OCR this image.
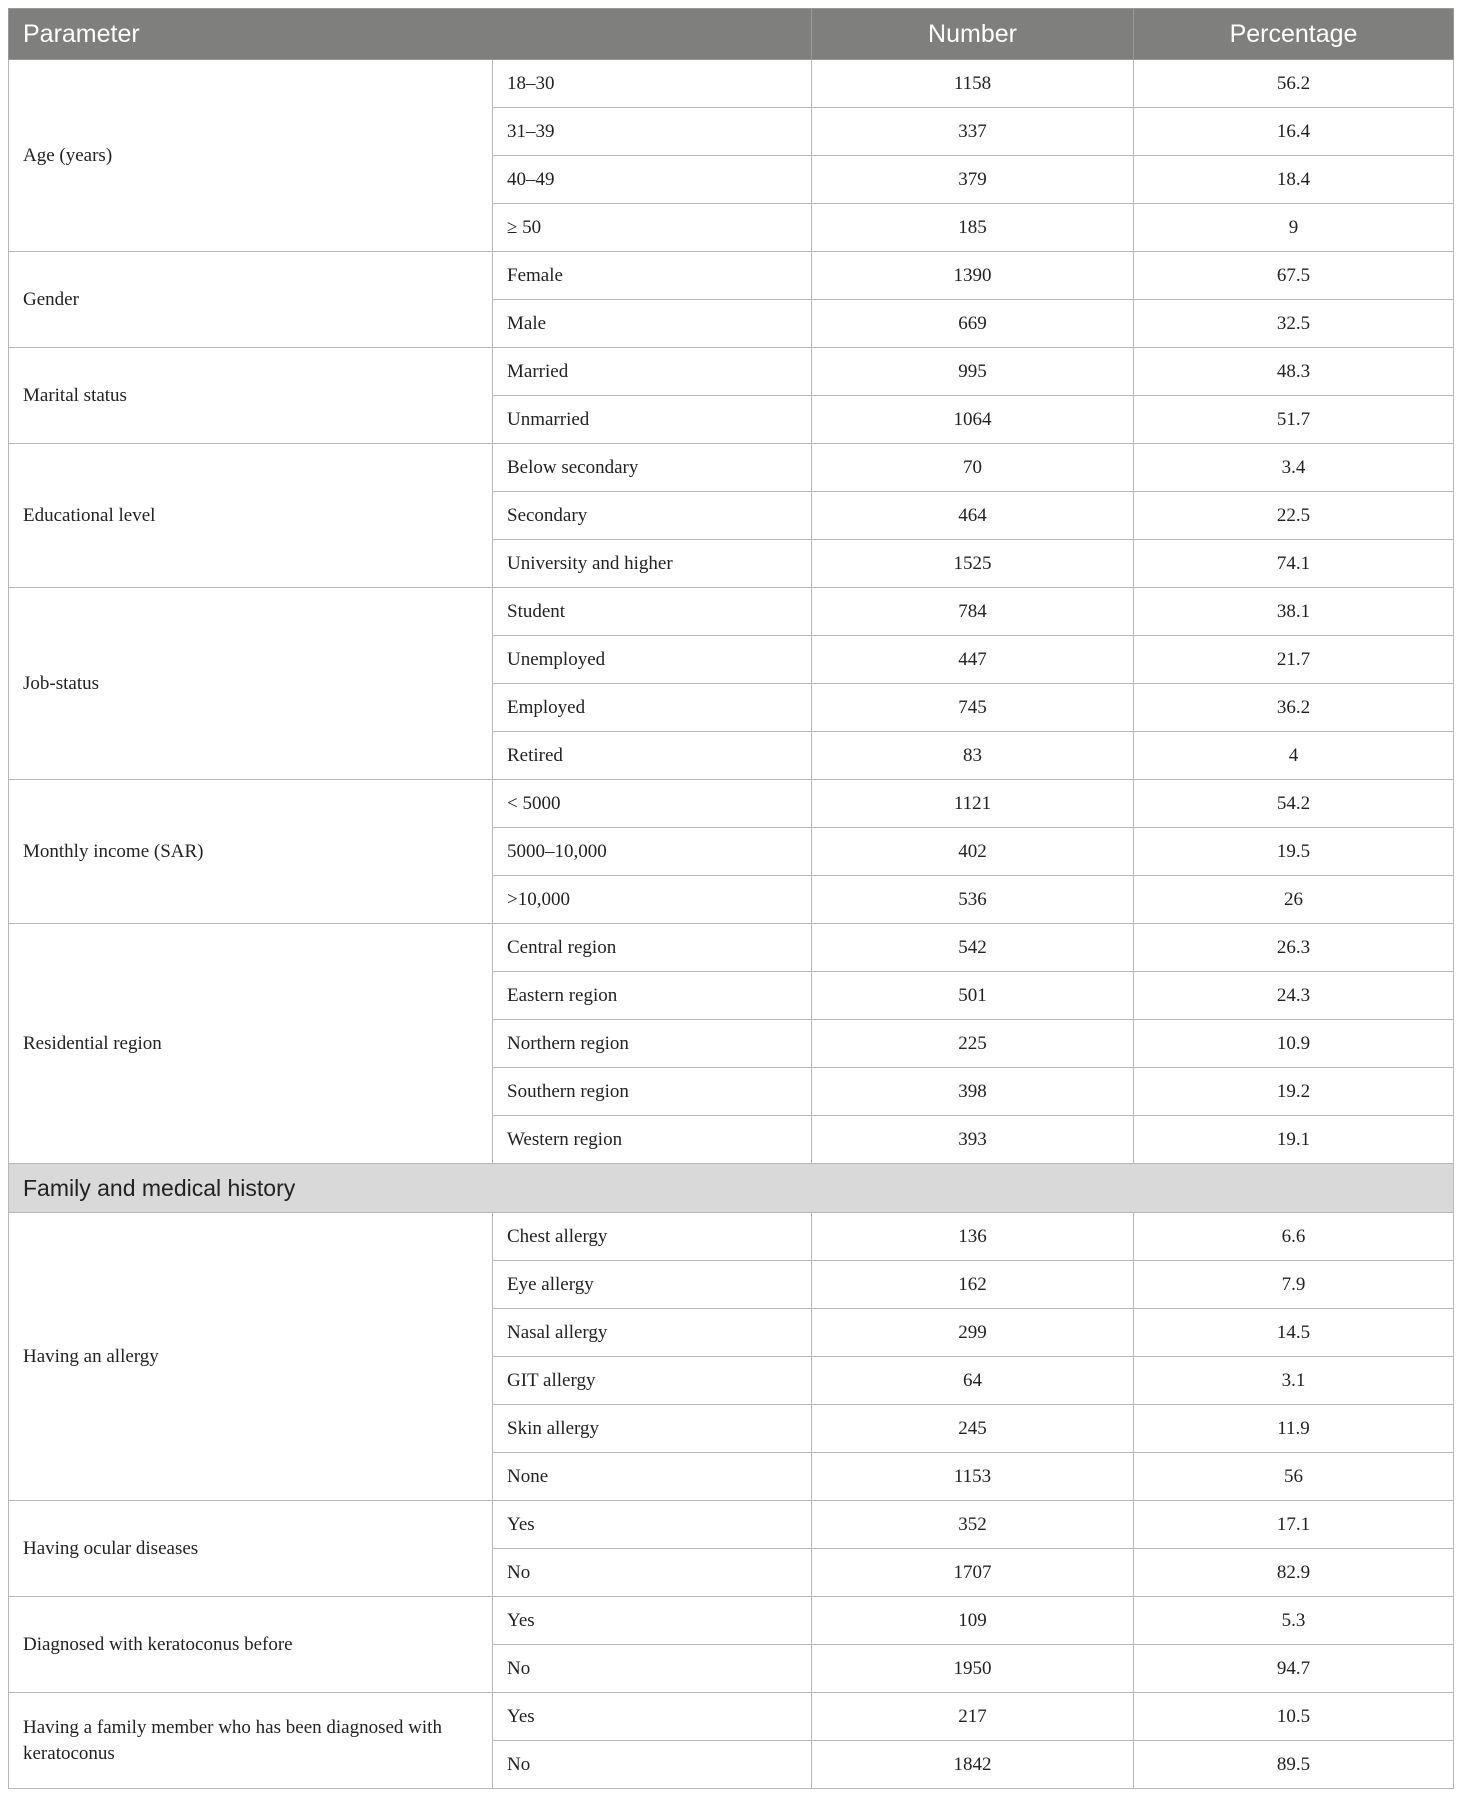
Parameter		Number	Percentage
Age (years)	18–30	1158	56.2
	31–39	337	16.4
	40–49	379	18.4
	≥ 50	185	9
Gender	Female	1390	67.5
	Male	669	32.5
Marital status	Married	995	48.3
	Unmarried	1064	51.7
Educational level	Below secondary	70	3.4
	Secondary	464	22.5
	University and higher	1525	74.1
Job-status	Student	784	38.1
	Unemployed	447	21.7
	Employed	745	36.2
	Retired	83	4
Monthly income (SAR)	< 5000	1121	54.2
	5000–10,000	402	19.5
	>10,000	536	26
Residential region	Central region	542	26.3
	Eastern region	501	24.3
	Northern region	225	10.9
	Southern region	398	19.2
	Western region	393	19.1
Family and medical history			
Having an allergy	Chest allergy	136	6.6
	Eye allergy	162	7.9
	Nasal allergy	299	14.5
	GIT allergy	64	3.1
	Skin allergy	245	11.9
	None	1153	56
Having ocular diseases	Yes	352	17.1
	No	1707	82.9
Diagnosed with keratoconus before	Yes	109	5.3
	No	1950	94.7
Having a family member who has been diagnosed with keratoconus	Yes	217	10.5
	No	1842	89.5
